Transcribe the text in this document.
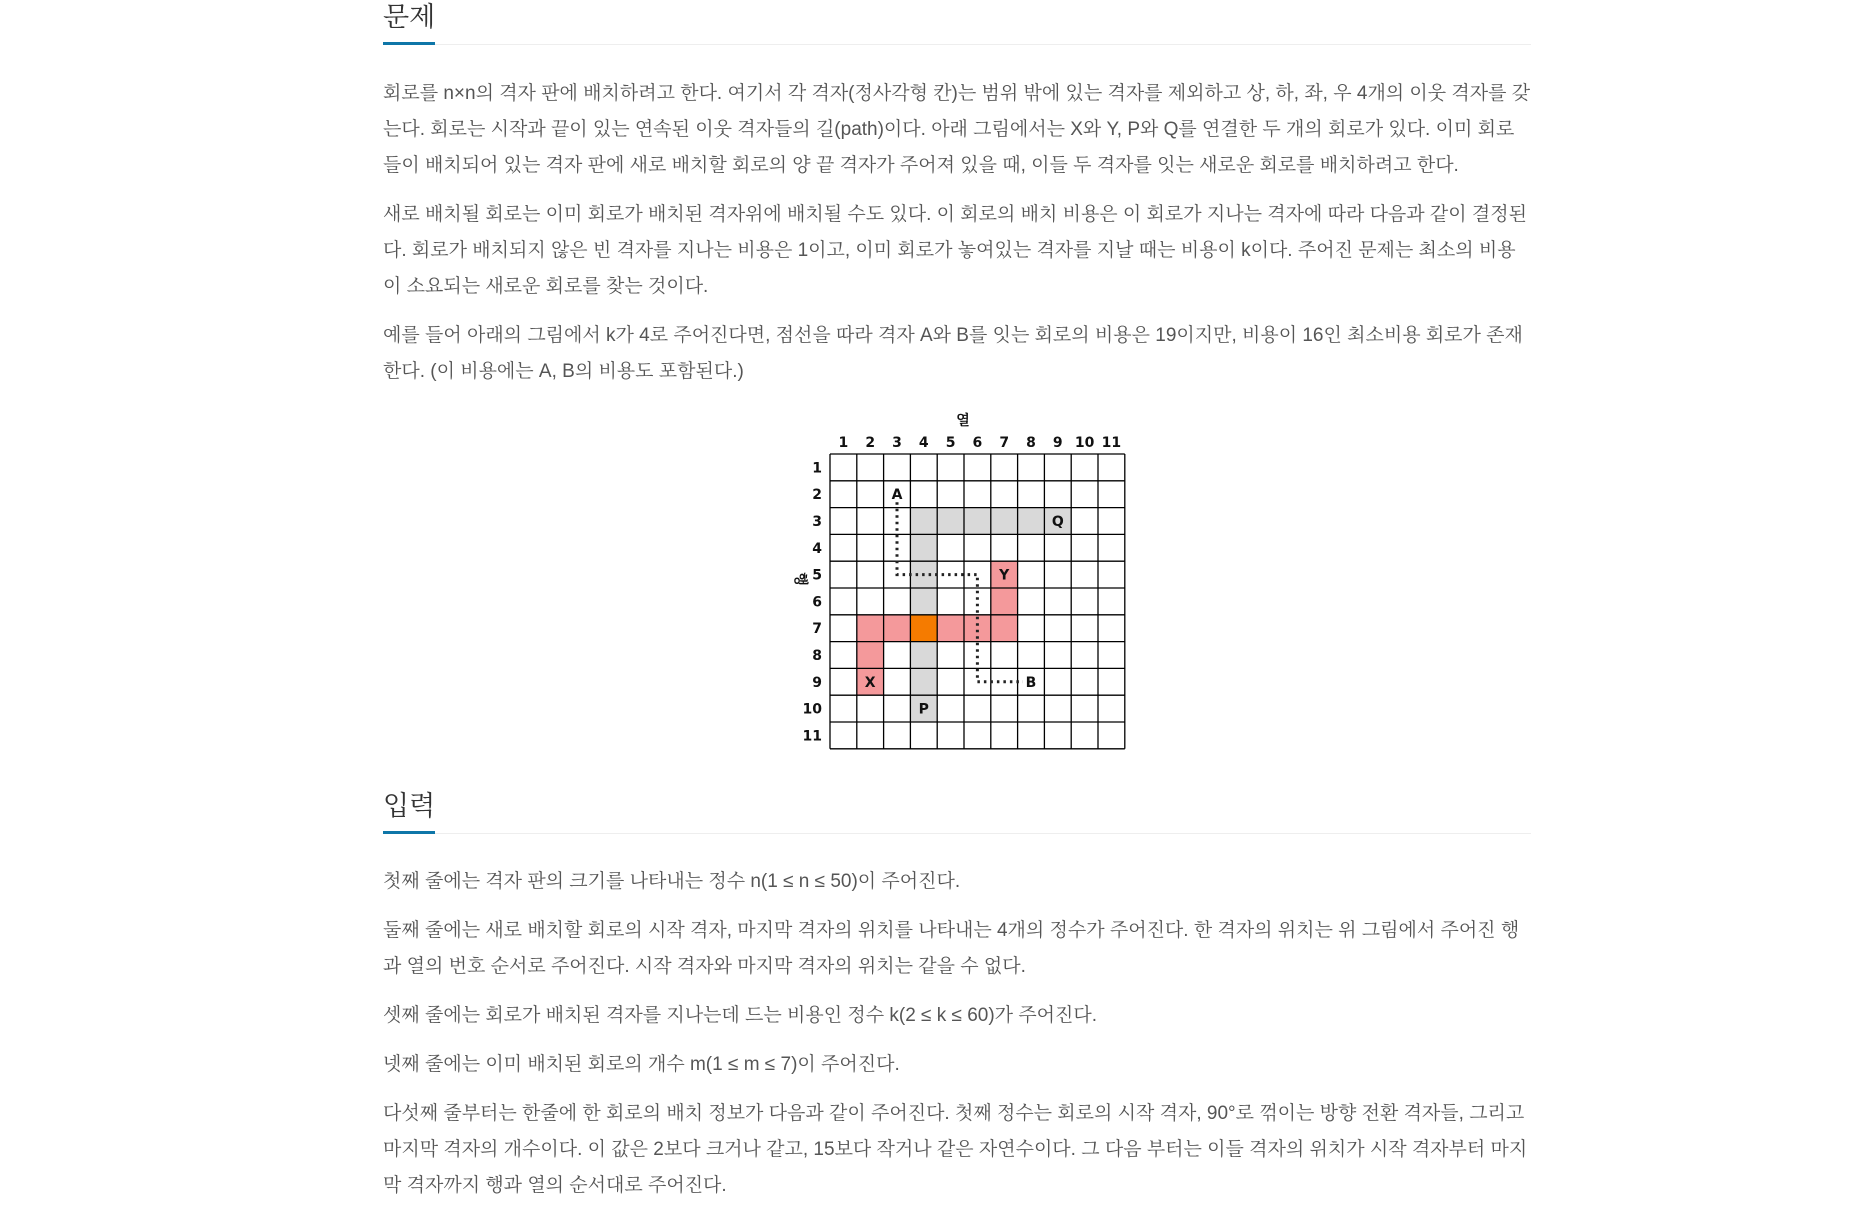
문제

회로를 n×n의 격자 판에 배치하려고 한다. 여기서 각 격자(정사각형 칸)는 범위 밖에 있는 격자를 제외하고 상, 하, 좌, 우 4개의 이웃 격자를 갖는다. 회로는 시작과 끝이 있는 연속된 이웃 격자들의 길(path)이다. 아래 그림에서는 X와 Y, P와 Q를 연결한 두 개의 회로가 있다. 이미 회로들이 배치되어 있는 격자 판에 새로 배치할 회로의 양 끝 격자가 주어져 있을 때, 이들 두 격자를 잇는 새로운 회로를 배치하려고 한다.

새로 배치될 회로는 이미 회로가 배치된 격자위에 배치될 수도 있다. 이 회로의 배치 비용은 이 회로가 지나는 격자에 따라 다음과 같이 결정된다. 회로가 배치되지 않은 빈 격자를 지나는 비용은 1이고, 이미 회로가 놓여있는 격자를 지날 때는 비용이 k이다. 주어진 문제는 최소의 비용이 소요되는 새로운 회로를 찾는 것이다.

예를 들어 아래의 그림에서 k가 4로 주어진다면, 점선을 따라 격자 A와 B를 잇는 회로의 비용은 19이지만, 비용이 16인 최소비용 회로가 존재한다. (이 비용에는 A, B의 비용도 포함된다.)

열
행
1 2 3 4 5 6 7 8 9 10 11
1
2
3
4
5
6
7
8
9
10
11
A
Q
Y
X
P
B
입력

첫째 줄에는 격자 판의 크기를 나타내는 정수 n(1 ≤ n ≤ 50)이 주어진다.

둘째 줄에는 새로 배치할 회로의 시작 격자, 마지막 격자의 위치를 나타내는 4개의 정수가 주어진다. 한 격자의 위치는 위 그림에서 주어진 행과 열의 번호 순서로 주어진다. 시작 격자와 마지막 격자의 위치는 같을 수 없다.

셋째 줄에는 회로가 배치된 격자를 지나는데 드는 비용인 정수 k(2 ≤ k ≤ 60)가 주어진다.

넷째 줄에는 이미 배치된 회로의 개수 m(1 ≤ m ≤ 7)이 주어진다.

다섯째 줄부터는 한줄에 한 회로의 배치 정보가 다음과 같이 주어진다. 첫째 정수는 회로의 시작 격자, 90°로 꺾이는 방향 전환 격자들, 그리고 마지막 격자의 개수이다. 이 값은 2보다 크거나 같고, 15보다 작거나 같은 자연수이다. 그 다음 부터는 이들 격자의 위치가 시작 격자부터 마지막 격자까지 행과 열의 순서대로 주어진다.
